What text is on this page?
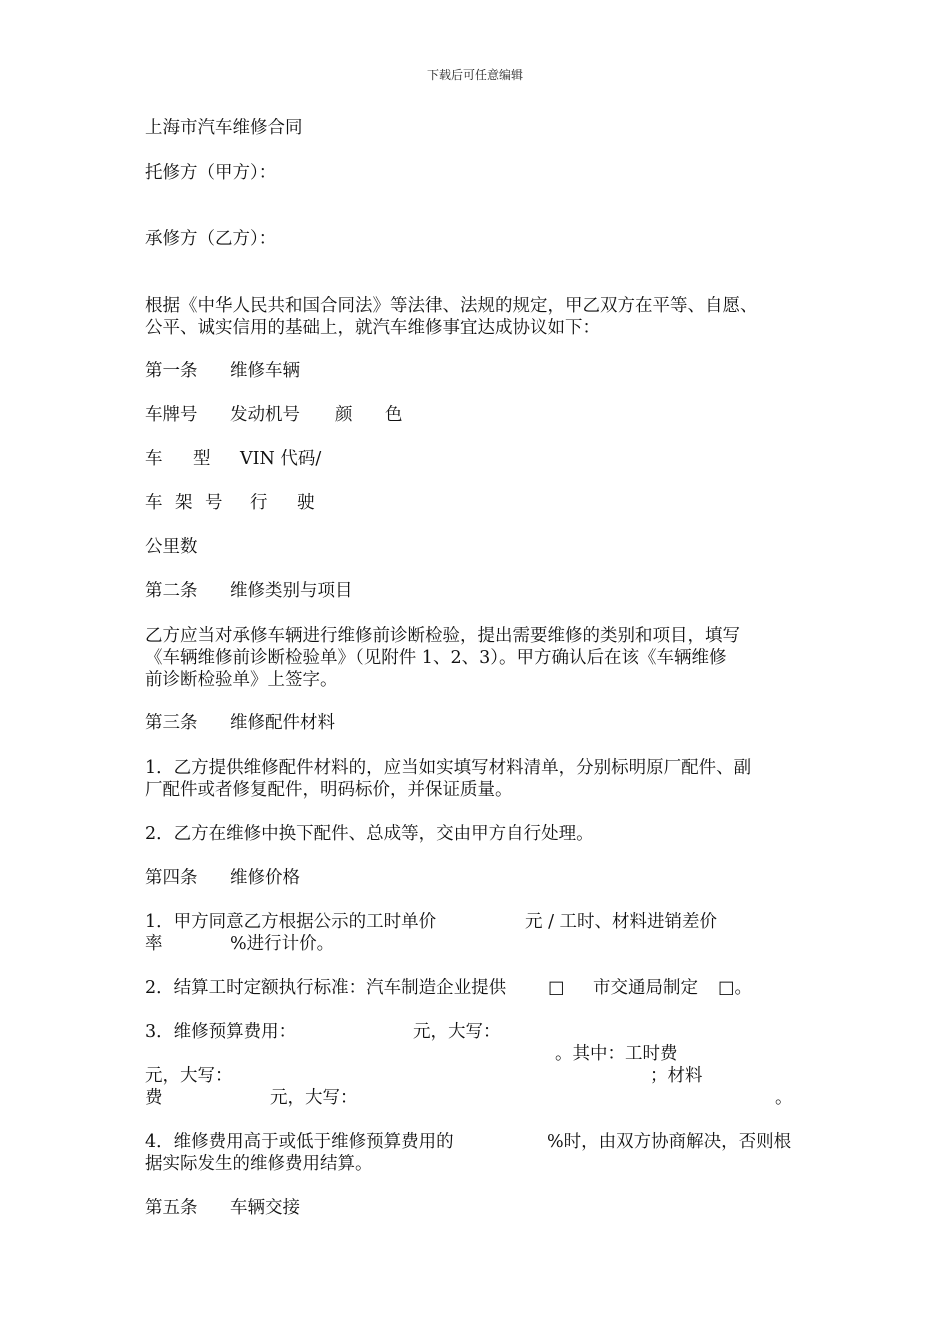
下载后可任意编辑
上海市汽车维修合同
托修方（甲方）：
承修方（乙方）：
根据《中华人民共和国合同法》等法律、法规的规定，甲乙双方在平等、自愿、
公平、诚实信用的基础上，就汽车维修事宜达成协议如下：
第一条 维修车辆
车牌号 发动机号 颜 色
车 型 VIN 代码/
车 架 号 行 驶
公里数
第二条 维修类别与项目
乙方应当对承修车辆进行维修前诊断检验，提出需要维修的类别和项目，填写
《车辆维修前诊断检验单》（见附件 1、2、3）。甲方确认后在该《车辆维修
前诊断检验单》上签字。
第三条 维修配件材料
1．乙方提供维修配件材料的，应当如实填写材料清单，分别标明原厂配件、副
厂配件或者修复配件，明码标价，并保证质量。
2．乙方在维修中换下配件、总成等，交由甲方自行处理。
第四条 维修价格
1．甲方同意乙方根据公示的工时单价	元 / 工时、材料进销差价
率	%进行计价。
2．结算工时定额执行标准：汽车制造企业提供 □ 市交通局制定 □。
3．维修预算费用：	元，大写：
。其中：工时费
元，大写：	；材料
费	元，大写：	。
4．维修费用高于或低于维修预算费用的	%时，由双方协商解决，否则根
据实际发生的维修费用结算。
第五条 车辆交接
